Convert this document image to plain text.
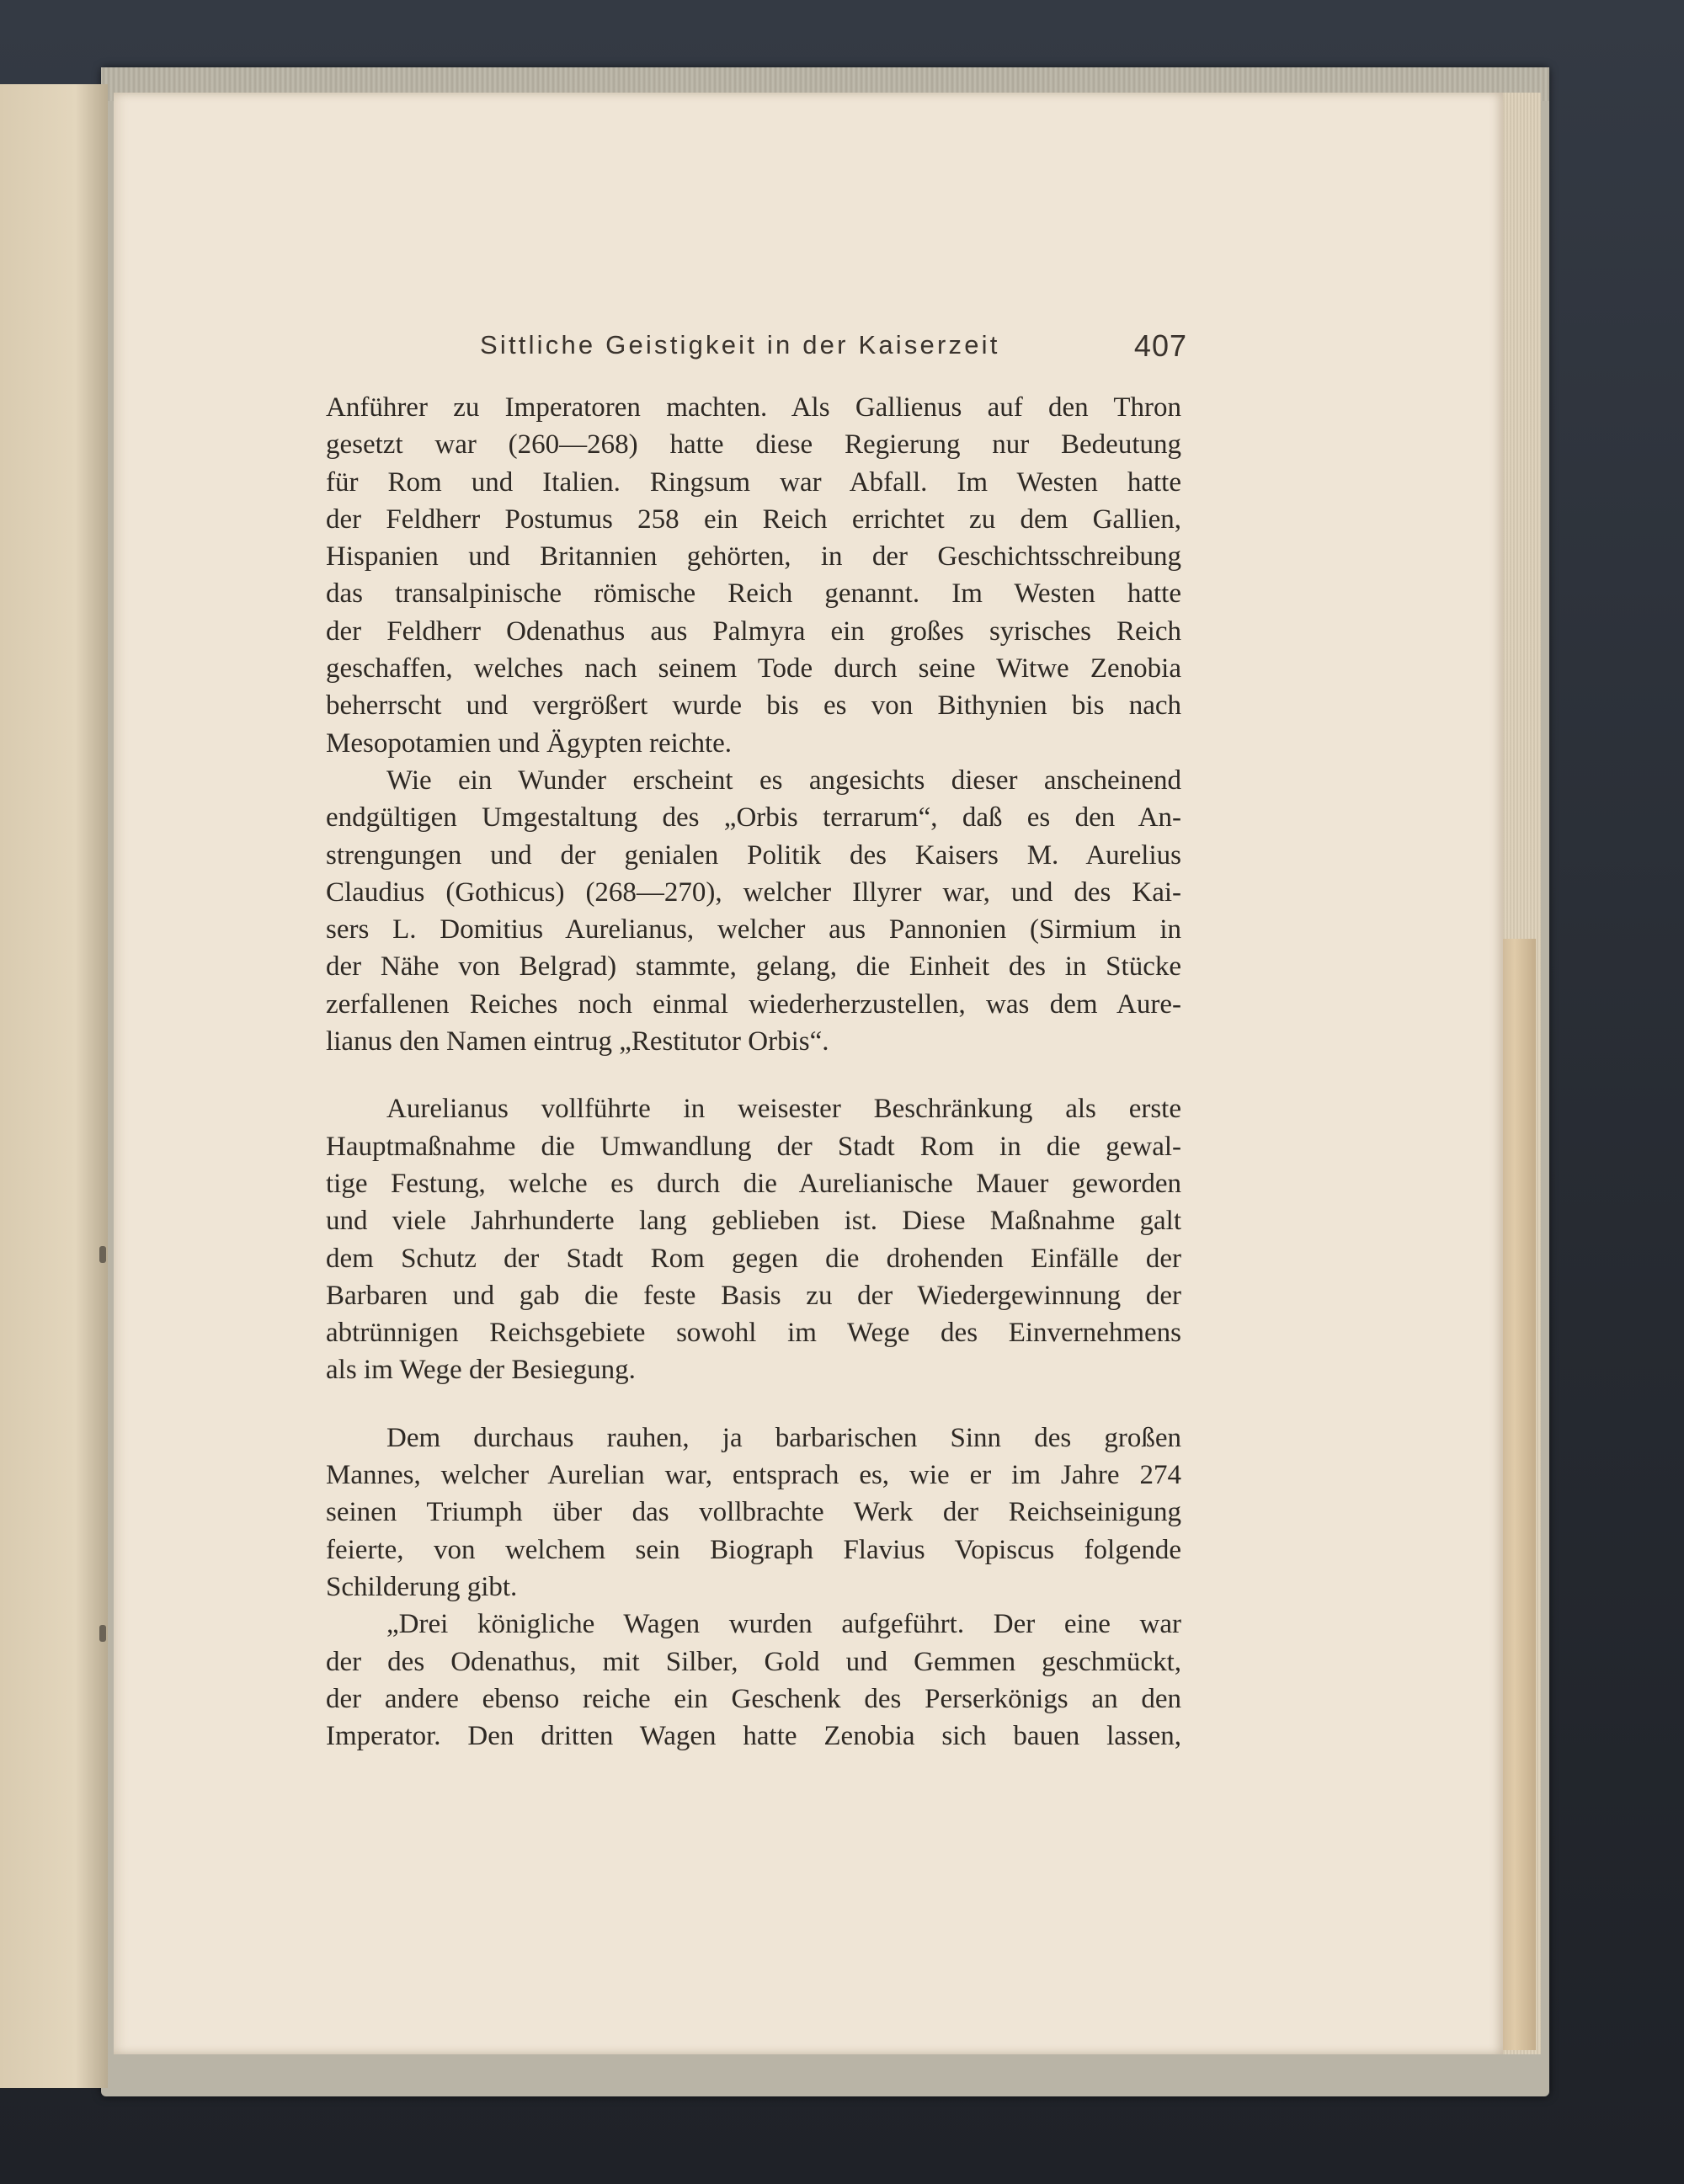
Sittliche Geistigkeit in der Kaiserzeit	407
Anführer zu Imperatoren machten. Als Gallienus auf den Thron
gesetzt war (260—268) hatte diese Regierung nur Bedeutung
für Rom und Italien. Ringsum war Abfall. Im Westen hatte
der Feldherr Postumus 258 ein Reich errichtet zu dem Gallien,
Hispanien und Britannien gehörten, in der Geschichtsschreibung
das transalpinische römische Reich genannt. Im Westen hatte
der Feldherr Odenathus aus Palmyra ein großes syrisches Reich
geschaffen, welches nach seinem Tode durch seine Witwe Zenobia
beherrscht und vergrößert wurde bis es von Bithynien bis nach
Mesopotamien und Ägypten reichte.
Wie ein Wunder erscheint es angesichts dieser anscheinend
endgültigen Umgestaltung des „Orbis terrarum“, daß es den An-
strengungen und der genialen Politik des Kaisers M. Aurelius
Claudius (Gothicus) (268—270), welcher Illyrer war, und des Kai-
sers L. Domitius Aurelianus, welcher aus Pannonien (Sirmium in
der Nähe von Belgrad) stammte, gelang, die Einheit des in Stücke
zerfallenen Reiches noch einmal wiederherzustellen, was dem Aure-
lianus den Namen eintrug „Restitutor Orbis“.
Aurelianus vollführte in weisester Beschränkung als erste
Hauptmaßnahme die Umwandlung der Stadt Rom in die gewal-
tige Festung, welche es durch die Aurelianische Mauer geworden
und viele Jahrhunderte lang geblieben ist. Diese Maßnahme galt
dem Schutz der Stadt Rom gegen die drohenden Einfälle der
Barbaren und gab die feste Basis zu der Wiedergewinnung der
abtrünnigen Reichsgebiete sowohl im Wege des Einvernehmens
als im Wege der Besiegung.
Dem durchaus rauhen, ja barbarischen Sinn des großen
Mannes, welcher Aurelian war, entsprach es, wie er im Jahre 274
seinen Triumph über das vollbrachte Werk der Reichseinigung
feierte, von welchem sein Biograph Flavius Vopiscus folgende
Schilderung gibt.
„Drei königliche Wagen wurden aufgeführt. Der eine war
der des Odenathus, mit Silber, Gold und Gemmen geschmückt,
der andere ebenso reiche ein Geschenk des Perserkönigs an den
Imperator. Den dritten Wagen hatte Zenobia sich bauen lassen,
